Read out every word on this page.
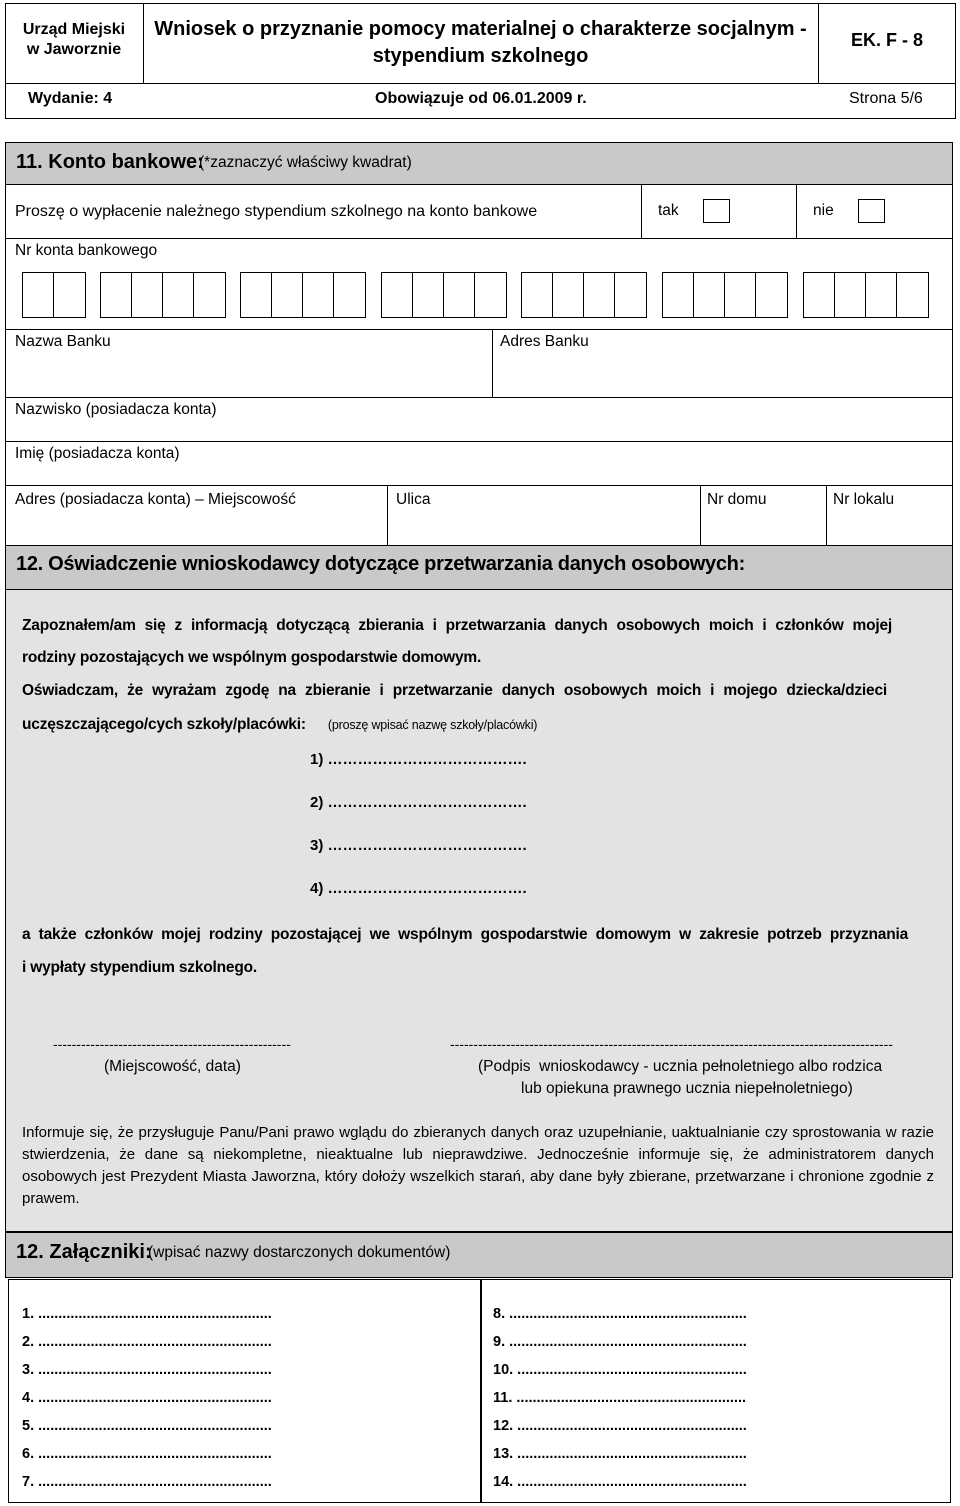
Urząd Miejski
w Jaworznie
Wniosek o przyznanie pomocy materialnej o charakterze socjalnym -
stypendium szkolnego
EK. F - 8
Wydanie: 4	Obowiązuje od 06.01.2009 r.	Strona 5/6
11. Konto bankowe:
(*zaznaczyć właściwy kwadrat)
Proszę o wypłacenie należnego stypendium szkolnego na konto bankowe	tak	nie
Nr konta bankowego
Nazwa Banku	Adres Banku
Nazwisko (posiadacza konta)
Imię (posiadacza konta)
Adres (posiadacza konta) – Miejscowość	Ulica	Nr domu	Nr lokalu
12. Oświadczenie wnioskodawcy dotyczące przetwarzania danych osobowych:
Zapoznałem/am się z informacją dotyczącą zbierania i przetwarzania danych osobowych moich i członków mojej
rodziny pozostających we wspólnym gospodarstwie domowym.
Oświadczam, że wyrażam zgodę na zbieranie i przetwarzanie danych osobowych moich i mojego dziecka/dzieci
uczęszczającego/cych szkoły/placówki: (proszę wpisać nazwę szkoły/placówki)
1) ………………………………….
2) ………………………………….
3) ………………………………….
4) ………………………………….
a także członków mojej rodziny pozostającej we wspólnym gospodarstwie domowym w zakresie potrzeb przyznania
i wypłaty stypendium szkolnego.
---------------------------------------------------
(Miejscowość, data)
-----------------------------------------------------------------------------------------------
(Podpis  wnioskodawcy - ucznia pełnoletniego albo rodzica
lub opiekuna prawnego ucznia niepełnoletniego)
Informuje się, że przysługuje Panu/Pani prawo wglądu do zbieranych danych oraz uzupełnianie, uaktualnianie czy sprostowania w razie stwierdzenia, że dane są niekompletne, nieaktualne lub nieprawdziwe. Jednocześnie informuje się, że administratorem danych osobowych jest Prezydent Miasta Jaworzna, który dołoży wszelkich starań, aby dane były zbierane, przetwarzane i chronione zgodnie z prawem.
12. Załączniki:
(wpisać nazwy dostarczonych dokumentów)
1. ..........................................................
2. ..........................................................
3. ..........................................................
4. ..........................................................
5. ..........................................................
6. ..........................................................
7. ..........................................................
8. ...........................................................
9. ...........................................................
10. .........................................................
11. .........................................................
12. .........................................................
13. .........................................................
14. .........................................................
